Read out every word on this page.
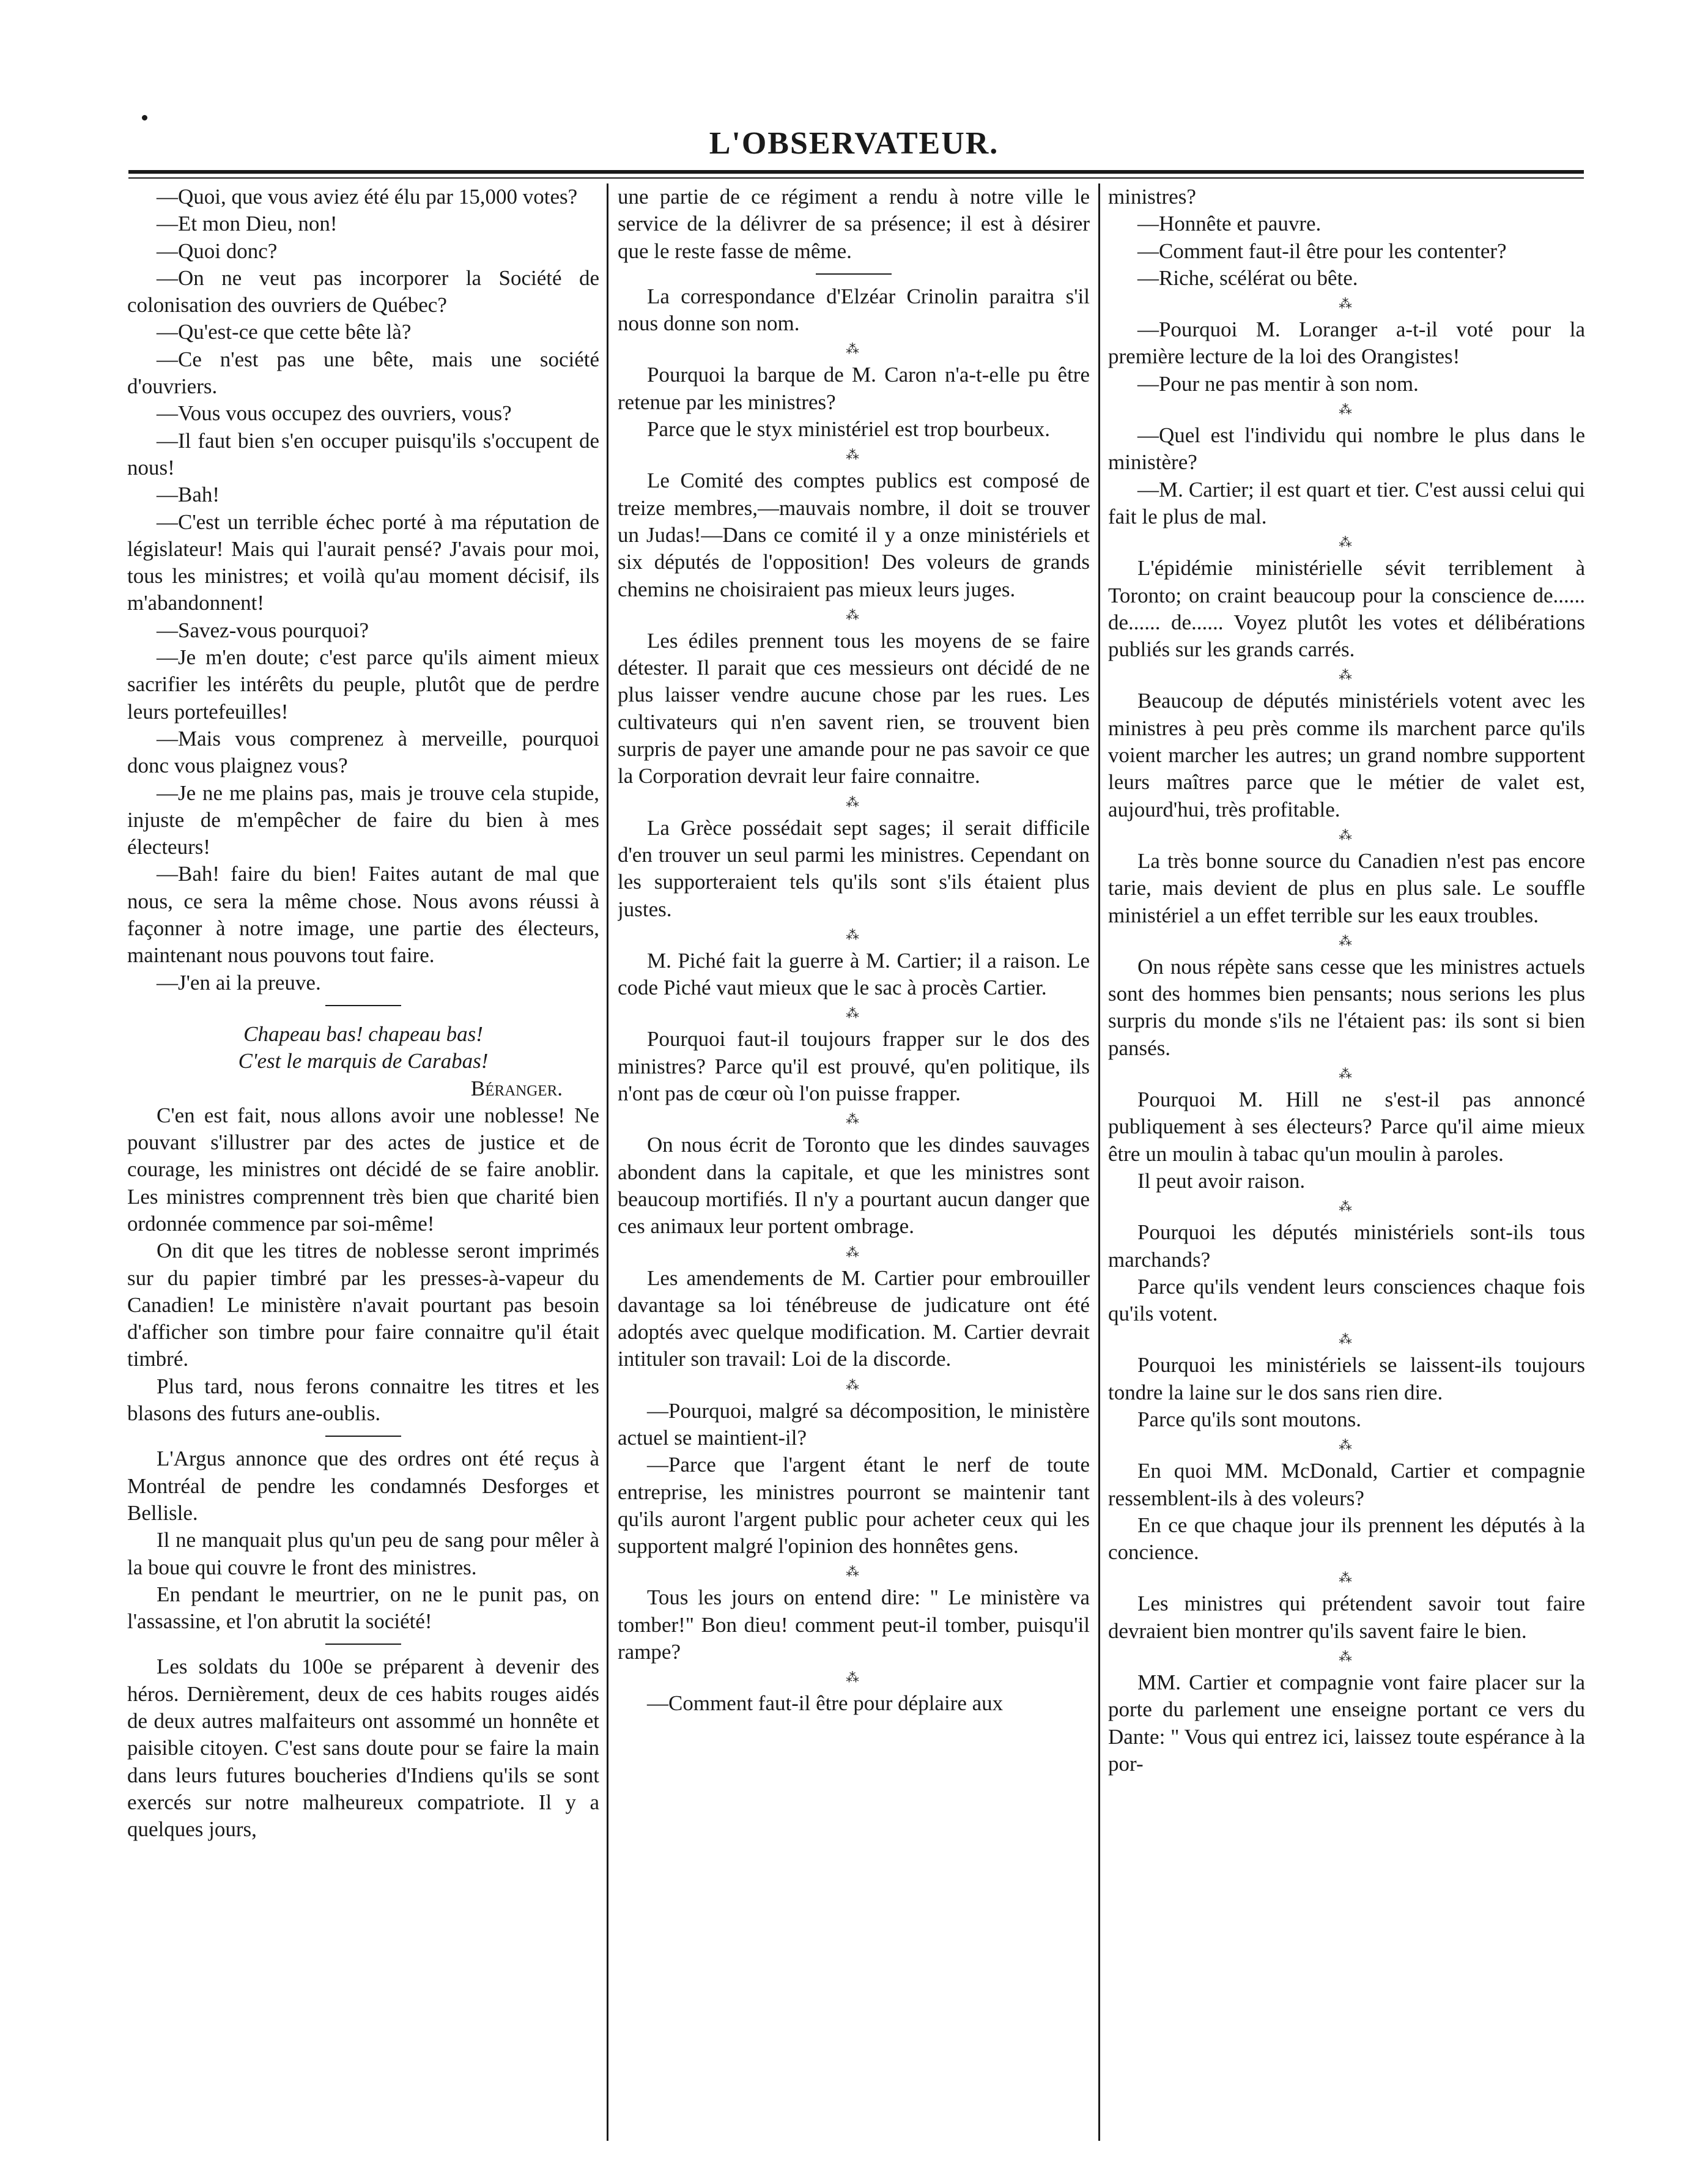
L'OBSERVATEUR.

—Quoi, que vous aviez été élu par 15,000 votes?

—Et mon Dieu, non!

—Quoi donc?

—On ne veut pas incorporer la Société de colonisation des ouvriers de Québec?

—Qu'est-ce que cette bête là?

—Ce n'est pas une bête, mais une société d'ouvriers.

—Vous vous occupez des ouvriers, vous?

—Il faut bien s'en occuper puisqu'ils s'occupent de nous!

—Bah!

—C'est un terrible échec porté à ma réputation de législateur! Mais qui l'aurait pensé? J'avais pour moi, tous les ministres; et voilà qu'au moment décisif, ils m'abandonnent!

—Savez-vous pourquoi?

—Je m'en doute; c'est parce qu'ils aiment mieux sacrifier les intérêts du peuple, plutôt que de perdre leurs portefeuilles!

—Mais vous comprenez à merveille, pourquoi donc vous plaignez vous?

—Je ne me plains pas, mais je trouve cela stupide, injuste de m'empêcher de faire du bien à mes électeurs!

—Bah! faire du bien! Faites autant de mal que nous, ce sera la même chose. Nous avons réussi à façonner à notre image, une partie des électeurs, maintenant nous pouvons tout faire.

—J'en ai la preuve.

Chapeau bas! chapeau bas!
C'est le marquis de Carabas!
Béranger.

C'en est fait, nous allons avoir une noblesse! Ne pouvant s'illustrer par des actes de justice et de courage, les ministres ont décidé de se faire anoblir. Les ministres comprennent très bien que charité bien ordonnée commence par soi-même!

On dit que les titres de noblesse seront imprimés sur du papier timbré par les presses-à-vapeur du Canadien! Le ministère n'avait pourtant pas besoin d'afficher son timbre pour faire connaitre qu'il était timbré.

Plus tard, nous ferons connaitre les titres et les blasons des futurs ane-oublis.

L'Argus annonce que des ordres ont été reçus à Montréal de pendre les condamnés Desforges et Bellisle.

Il ne manquait plus qu'un peu de sang pour mêler à la boue qui couvre le front des ministres.

En pendant le meurtrier, on ne le punit pas, on l'assassine, et l'on abrutit la société!

Les soldats du 100e se préparent à devenir des héros. Dernièrement, deux de ces habits rouges aidés de deux autres malfaiteurs ont assommé un honnête et paisible citoyen. C'est sans doute pour se faire la main dans leurs futures boucheries d'Indiens qu'ils se sont exercés sur notre malheureux compatriote. Il y a quelques jours,

une partie de ce régiment a rendu à notre ville le service de la délivrer de sa présence; il est à désirer que le reste fasse de même.

La correspondance d'Elzéar Crinolin paraitra s'il nous donne son nom.

⁂

Pourquoi la barque de M. Caron n'a-t-elle pu être retenue par les ministres?

Parce que le styx ministériel est trop bourbeux.

⁂

Le Comité des comptes publics est composé de treize membres,—mauvais nombre, il doit se trouver un Judas!—Dans ce comité il y a onze ministériels et six députés de l'opposition! Des voleurs de grands chemins ne choisiraient pas mieux leurs juges.

⁂

Les édiles prennent tous les moyens de se faire détester. Il parait que ces messieurs ont décidé de ne plus laisser vendre aucune chose par les rues. Les cultivateurs qui n'en savent rien, se trouvent bien surpris de payer une amande pour ne pas savoir ce que la Corporation devrait leur faire connaitre.

⁂

La Grèce possédait sept sages; il serait difficile d'en trouver un seul parmi les ministres. Cependant on les supporteraient tels qu'ils sont s'ils étaient plus justes.

⁂

M. Piché fait la guerre à M. Cartier; il a raison. Le code Piché vaut mieux que le sac à procès Cartier.

⁂

Pourquoi faut-il toujours frapper sur le dos des ministres? Parce qu'il est prouvé, qu'en politique, ils n'ont pas de cœur où l'on puisse frapper.

⁂

On nous écrit de Toronto que les dindes sauvages abondent dans la capitale, et que les ministres sont beaucoup mortifiés. Il n'y a pourtant aucun danger que ces animaux leur portent ombrage.

⁂

Les amendements de M. Cartier pour embrouiller davantage sa loi ténébreuse de judicature ont été adoptés avec quelque modification. M. Cartier devrait intituler son travail: Loi de la discorde.

⁂

—Pourquoi, malgré sa décomposition, le ministère actuel se maintient-il?

—Parce que l'argent étant le nerf de toute entreprise, les ministres pourront se maintenir tant qu'ils auront l'argent public pour acheter ceux qui les supportent malgré l'opinion des honnêtes gens.

⁂

Tous les jours on entend dire: " Le ministère va tomber!" Bon dieu! comment peut-il tomber, puisqu'il rampe?

⁂

—Comment faut-il être pour déplaire aux

ministres?

—Honnête et pauvre.

—Comment faut-il être pour les contenter?

—Riche, scélérat ou bête.

⁂

—Pourquoi M. Loranger a-t-il voté pour la première lecture de la loi des Orangistes!

—Pour ne pas mentir à son nom.

⁂

—Quel est l'individu qui nombre le plus dans le ministère?

—M. Cartier; il est quart et tier. C'est aussi celui qui fait le plus de mal.

⁂

L'épidémie ministérielle sévit terriblement à Toronto; on craint beaucoup pour la conscience de...... de...... de...... Voyez plutôt les votes et délibérations publiés sur les grands carrés.

⁂

Beaucoup de députés ministériels votent avec les ministres à peu près comme ils marchent parce qu'ils voient marcher les autres; un grand nombre supportent leurs maîtres parce que le métier de valet est, aujourd'hui, très profitable.

⁂

La très bonne source du Canadien n'est pas encore tarie, mais devient de plus en plus sale. Le souffle ministériel a un effet terrible sur les eaux troubles.

⁂

On nous répète sans cesse que les ministres actuels sont des hommes bien pensants; nous serions les plus surpris du monde s'ils ne l'étaient pas: ils sont si bien pansés.

⁂

Pourquoi M. Hill ne s'est-il pas annoncé publiquement à ses électeurs? Parce qu'il aime mieux être un moulin à tabac qu'un moulin à paroles.

Il peut avoir raison.

⁂

Pourquoi les députés ministériels sont-ils tous marchands?

Parce qu'ils vendent leurs consciences chaque fois qu'ils votent.

⁂

Pourquoi les ministériels se laissent-ils toujours tondre la laine sur le dos sans rien dire.

Parce qu'ils sont moutons.

⁂

En quoi MM. McDonald, Cartier et compagnie ressemblent-ils à des voleurs?

En ce que chaque jour ils prennent les députés à la concience.

⁂

Les ministres qui prétendent savoir tout faire devraient bien montrer qu'ils savent faire le bien.

⁂

MM. Cartier et compagnie vont faire placer sur la porte du parlement une enseigne portant ce vers du Dante: " Vous qui entrez ici, laissez toute espérance à la por-
